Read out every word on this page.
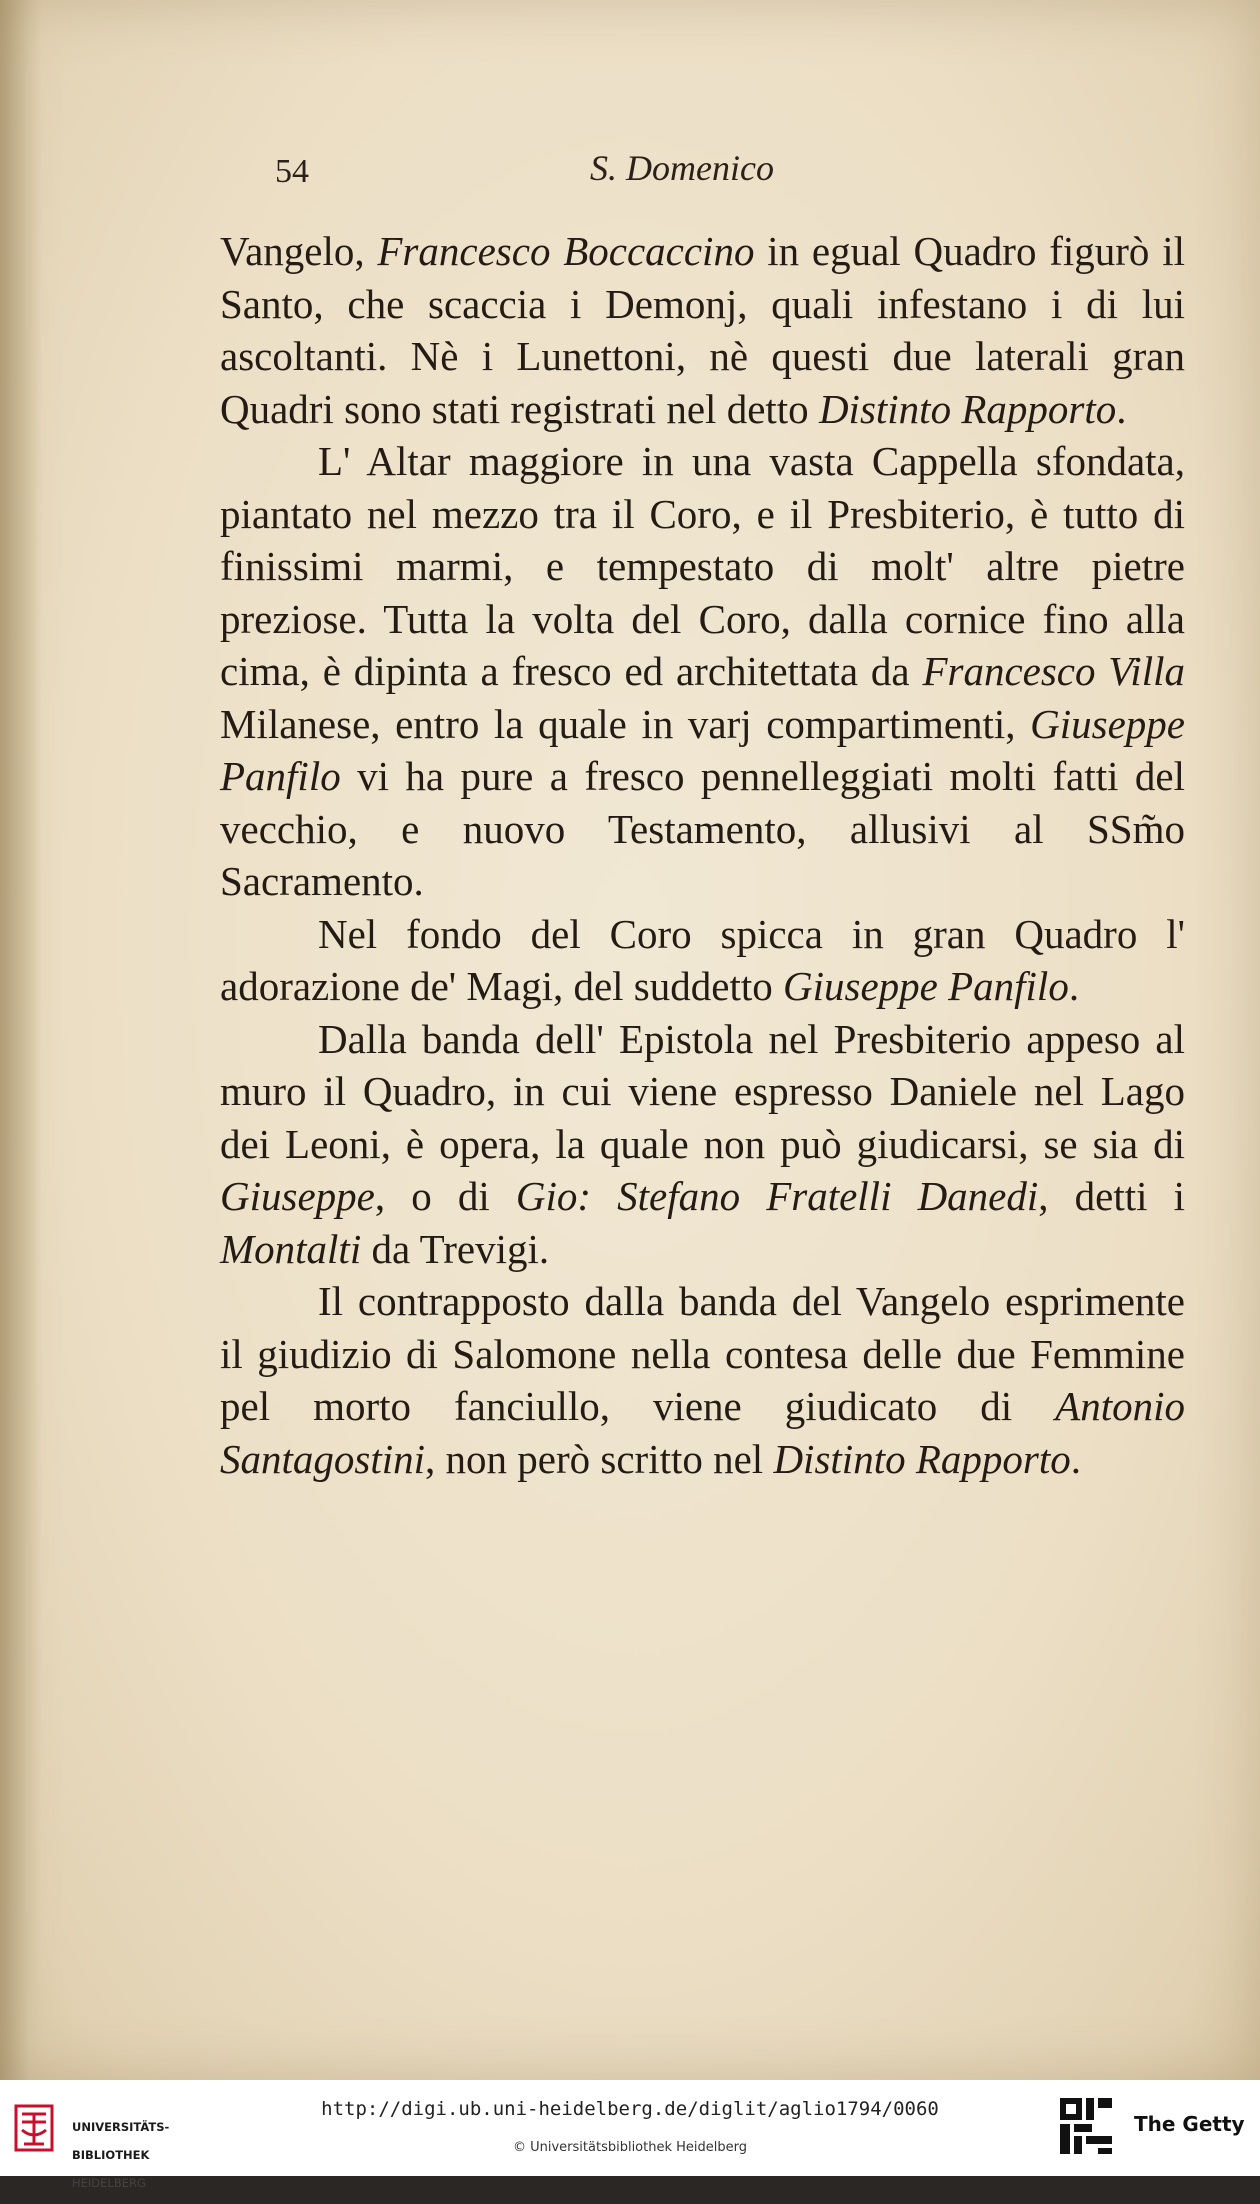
54	S. Domenico

Vangelo, Francesco Boccaccino in egual Quadro figurò il Santo, che scaccia i Demonj, quali infestano i di lui ascoltanti. Nè i Lunettoni, nè questi due laterali gran Quadri sono stati registrati nel detto Distinto Rapporto.

L' Altar maggiore in una vasta Cappella sfondata, piantato nel mezzo tra il Coro, e il Presbiterio, è tutto di finissimi marmi, e tempestato di molt' altre pietre preziose. Tutta la volta del Coro, dalla cornice fino alla cima, è dipinta a fresco ed architettata da Francesco Villa Milanese, entro la quale in varj compartimenti, Giuseppe Panfilo vi ha pure a fresco pennelleggiati molti fatti del vecchio, e nuovo Testamento, allusivi al SSm̃o Sacramento.

Nel fondo del Coro spicca in gran Quadro l' adorazione de' Magi, del suddetto Giuseppe Panfilo.

Dalla banda dell' Epistola nel Presbiterio appeso al muro il Quadro, in cui viene espresso Daniele nel Lago dei Leoni, è opera, la quale non può giudicarsi, se sia di Giuseppe, o di Gio: Stefano Fratelli Danedi, detti i Montalti da Trevigi.

Il contrapposto dalla banda del Vangelo esprimente il giudizio di Salomone nella contesa delle due Femmine pel morto fanciullo, viene giudicato di Antonio Santagostini, non però scritto nel Distinto Rapporto.

UNIVERSITÄTS-

BIBLIOTHEK

HEIDELBERG

http://digi.ub.uni-heidelberg.de/diglit/aglio1794/0060
© Universitätsbibliothek Heidelberg
The Getty
